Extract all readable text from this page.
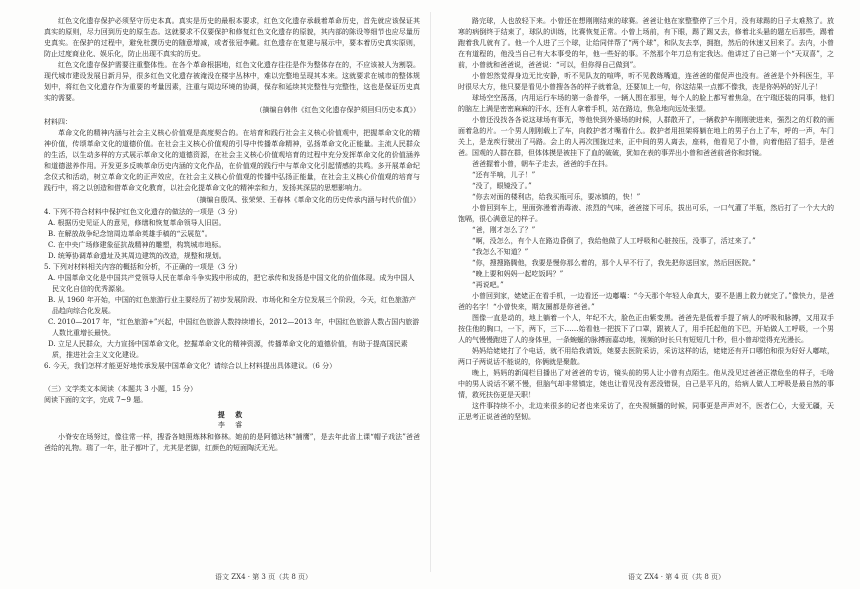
红色文化遗存保护必须坚守历史本真。真实是历史的最根本要求，红色文化遗存承载着革命历史，首先就应该保证其真实的原则，尽力回到历史的原生态。这就要求不仅要保护和修复红色文化遗存的原貌，其内部的陈设等细节也应尽量历史真实。在保护的过程中，避免杜撰历史的随意增减，或者张冠李戴。红色遗存在复建与展示中，要本着历史真实原则，防止过度商业化、娱乐化，防止出现不真实的历史。

红色文化遗存保护需要注重整体性。在各个革命根据地，红色文化遗存往往是作为整体存在的，不应该被人为割裂。现代城市建设发展日新月异，很多红色文化遗存被淹没在楼宇丛林中，难以完整地呈现其本来。这就要求在城市的整体规划中，将红色文化遗存作为重要的考量因素，注重与周边环境的协调，保存和延续其完整性与完整性，这也是保证历史真实的需要。

（摘编自韩伟《红色文化遗存保护须回归历史本真》）

材料四：

革命文化的精神内涵与社会主义核心价值观是高度契合的。在培育和践行社会主义核心价值观中，把握革命文化的精神价值，传颂革命文化的道德价值。在社会主义核心价值观的引导中传播革命精神，弘扬革命文化正能量。主流人民群众的生活，以生动多样的方式展示革命文化的道德资源，在社会主义核心价值观培育的过程中充分发挥革命文化的价值涵养和道德滋养作用。开发更多反映革命历史内涵的文化作品，在价值观的践行中与革命文化引起情感的共鸣。多开展革命纪念仪式和活动，树立革命文化的正声效应，在社会主义核心价值观的传播中弘扬正能量，在社会主义核心价值观的培育与践行中，将之以创造和借革命文化教育，以社会化提革命文化的精神亲和力，发扬其深层的思想影响力。

（摘编自殷凤、张荣荣、王春林《革命文化的历史传承内涵与时代价值》）

4. 下列不符合材料中保护红色文化遗存的做法的一项是（3 分）

A. 根据历史见证人的意见，修缮和恢复革命领导人旧居。

B. 在解放战争纪念馆周边革命英雄手稿的“云展览”。

C. 在中央广场修建象征抗战精神的雕塑，构筑城市地标。

D. 统筹协调革命遗址及其周边建筑的改造，规整和规划。

5. 下列对材料相关内容的概括和分析，不正确的一项是（3 分）

A. 中国革命文化是中国共产党领导人民在革命斗争实践中形成的，把它承传和发扬是中国文化的价值体现。成为中国人民文化自信的优秀源泉。

B. 从 1960 年开始，中国的红色旅游行业主要经历了初步发展阶段、市场化和全方位发展三个阶段，今天，红色旅游产品趋向综合化发展。

C. 2010—2017 年，“红色旅游+”兴起，中国红色旅游人数持续增长，2012—2013 年，中国红色旅游人数占国内旅游人数比重增长最快。

D. 立足人民群众，大力宣扬中国革命文化，挖掘革命文化的精神资源，传播革命文化的道德价值，有助于提高国民素质，推进社会主义文化建设。

6. 今天，我们怎样才能更好地传承发展中国革命文化？请综合以上材料提出具体建议。（6 分）

（三）文学类文本阅读（本题共 3 小题，15 分）

阅读下面的文字，完成 7~9 题。

提 救

李 睿

小脊安在场努过，像往常一样，搜香各她照炼林和修林。她前的是阿德达林“捕鹰”，是去年此省上课“帽子戏法”爸爸爸给的礼物。瑞了一年，肚子都叶了，尤其是老脚，红颜色的短面陶沃无光。

路完球，人也放轻下来。小曾还在想刚刚结束的球赛。爸爸让他在家整整停了三个月，没有球踢的日子太难熬了。放寒的病倒终于结束了，球队的训练，比赛恢复正常。小曾上场前，有下眼，踢了踢又去，修着北头悬的题左后那些，踢着跑着我几就有了。他一个人进了三个球，让给同伴帮了“两个球”，和队友去享，拥抱，然后的休速又回来了。去内，小曾在有道程的，他没当自己有大本事受的年，他一些好的事。不然那个年刀总有定我达。他讲过了自己第一个“天双喜”，之前，小曾就和爸爸说，爸爸说：“可以，但你得自己做到”。

小曾恕然觉得身边无比安静，听不见队友的喧哗，听不见教练嘴道，连爸爸的催促声也没有。爸爸是个外科医生，平时很尽大方，他只要是看见小曾搜各各的样子就着急，还要加上一句，你这结果一点都不像我，丧是你妈妈的好儿子！

球场空空荡荡，内用运行车场的第一条普华，一辆人围在那里，每个人的脸上都写着焦急，在宁瑞还装的同事，他们的脑左上满是密密麻麻的汗水，还有人拿着手机，站在路边，焦急地向远处张望。

小曾还没找各各说这球场有事无，等他快到外婆场的时候，人群散开了，一辆救护车刚刚驶进来，强烈之的灯救的画面着急的片。一个男人刚刚载上了车，向救护者才嘴看什么。救护者用担架将躺在地上的男子台上了车，呼的一声，车门关上，是龙疾行驶出了马路。会上的人再次围拢过来，正中间的男人离去，座料，他看见了小曾，向着他招了招手，是爸爸。国观的人群在群，但体体摸是被挂下了血的破破，犹如在表的事弄出小曾和爸爸前爸你和封镜。

爸爸握着小曾，朝车子走去，爸爸的手在抖。

“还有半响，儿子！”

“没了，眼镜没了。”

“你去对面的楼利店，给我买瓶可乐，要冰镇的，快！”

小曾回到车上，里面弥漫着消毒液、浓烈的气味，爸爸接下可乐，拔出可乐，一口气灌了半瓶，然后打了一个大大的饱嗝，很心满意足的样子。

“爸，刚才怎么了？”

“啊，没怎么，有个人在路边昏倒了，我给他做了人工呼吸和心脏按压，没事了，活过来了。”

“我怎么不知道？”

“你，搜搜路腾他，我要是慢你那么着的，那个人早不行了，我先把你送回家，然后回医院。”

“晚上要和妈妈一起吃饭吗？”

“再说吧。”

小曾回到家，姥姥正在看手机，一边看还一边嘟囔：“今天那个年轻人命真大，要不是遇上救力就完了。”像快力，是爸爸的名字！“小曾快来，期友圈都是你爸爸。”

图像一直是动的，地上躺着一个人，年纪不大，脸色正由紫变黑。爸爸先是低着手提了病人的呼吸和脉搏，又用双手按住他的胸口，一下，两下，三下……始看他一把拔下了口罩，跟被人了，用手托起他的下巴，开始做人工呼吸，一个男人的气慢慢跑进了人的身体里，一条蜿蜒的脉搏面嘉动地，视频的时长只有短短几十秒，但小曾却觉得充光漫长。

妈妈给姥姥打了个电话，就不用给我请饭，她要去医院采访，采访这样的话，姥姥还有开口哪怕和很为好好人嘟哝，两口子两说话不能说的，你俩就是聚散。

晚上，妈妈的新闻栏目播出了对爸爸的专访，镜头前的男人让小曾有点陌生。他从没见过爸爸正襟危坐的样子，毛啥中的男人说话不紧不慢，但脑气却非常镇定，她也让看见没有恶没错误，自己是平凡的，给病人做人工呼吸是最自然的事情，救死扶伤更是天职！

这件事持续不小，北边来很多的记者也来采访了，在央视频播的时候，同事更是声声对不，医者仁心，大爱无疆，天正思考正说爸爸的坚韧。

语文 ZX4 · 第 3 页（共 8 页）	语文 ZX4 · 第 4 页（共 8 页）
